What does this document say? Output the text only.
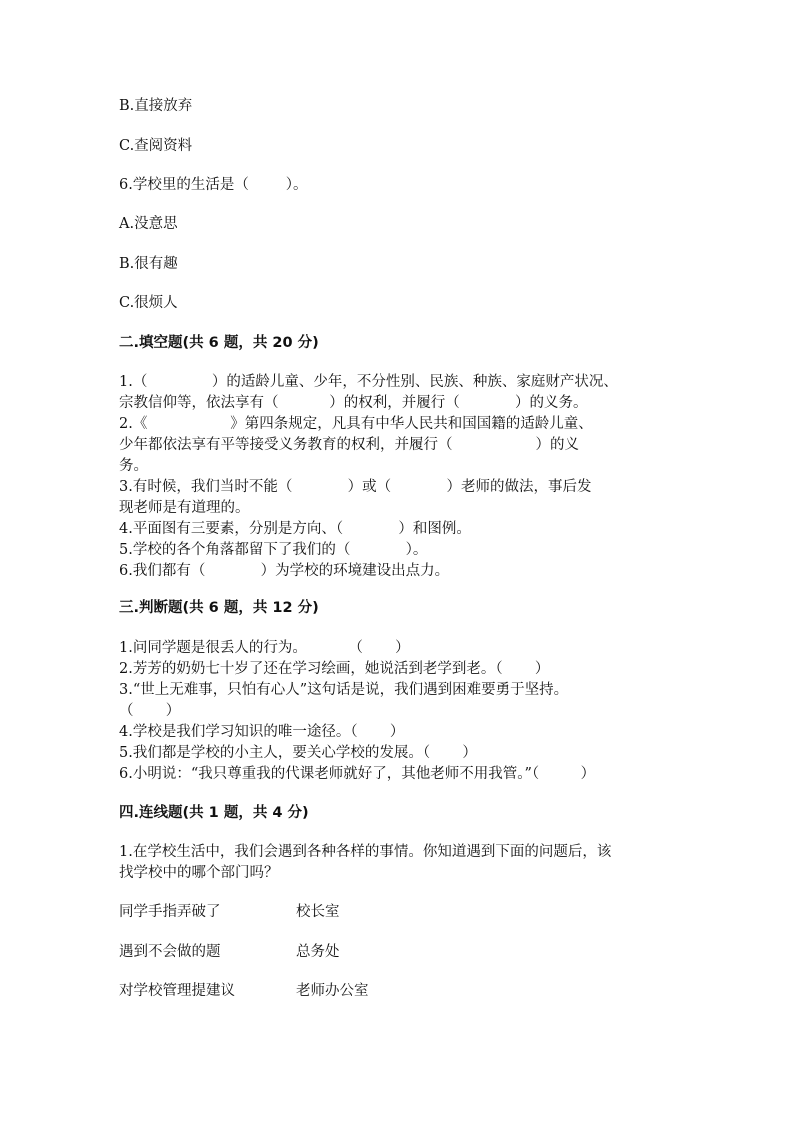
B.直接放弃
C.查阅资料
6.学校里的生活是（        ）。
A.没意思
B.很有趣
C.很烦人
二.填空题(共 6 题，共 20 分)
1.（              ）的适龄儿童、少年，不分性别、民族、种族、家庭财产状况、
宗教信仰等，依法享有（           ）的权利，并履行（            ）的义务。
2.《                  》第四条规定，凡具有中华人民共和国国籍的适龄儿童、
少年都依法享有平等接受义务教育的权利，并履行（                  ）的义
务。
3.有时候，我们当时不能（            ）或（            ）老师的做法，事后发
现老师是有道理的。
4.平面图有三要素，分别是方向、（            ）和图例。
5.学校的各个角落都留下了我们的（            ）。
6.我们都有（            ）为学校的环境建设出点力。
三.判断题(共 6 题，共 12 分)
1.问同学题是很丢人的行为。         （       ）
2.芳芳的奶奶七十岁了还在学习绘画，她说活到老学到老。（       ）
3.“世上无难事，只怕有心人”这句话是说，我们遇到困难要勇于坚持。
（       ）
4.学校是我们学习知识的唯一途径。（       ）
5.我们都是学校的小主人，要关心学校的发展。（       ）
6.小明说：“我只尊重我的代课老师就好了，其他老师不用我管。”（         ）
四.连线题(共 1 题，共 4 分)
1.在学校生活中，我们会遇到各种各样的事情。你知道遇到下面的问题后，该
找学校中的哪个部门吗？
同学手指弄破了	校长室
遇到不会做的题	总务处
对学校管理提建议	老师办公室
